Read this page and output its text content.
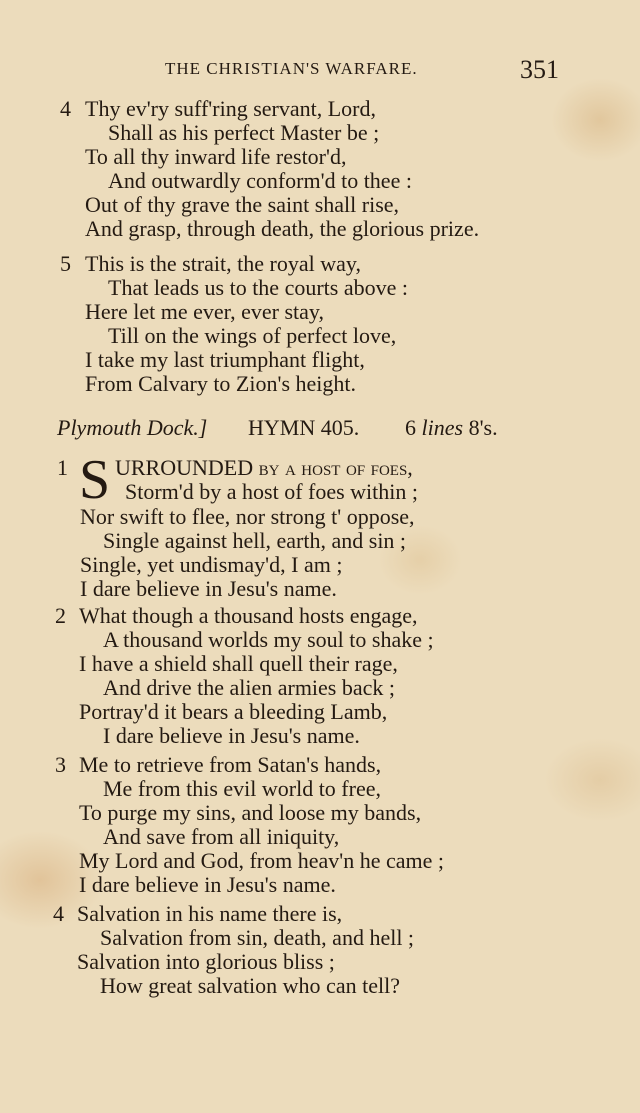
THE CHRISTIAN'S WARFARE.	351
4 Thy ev'ry suff'ring servant, Lord,
Shall as his perfect Master be ;
To all thy inward life restor'd,
And outwardly conform'd to thee :
Out of thy grave the saint shall rise,
And grasp, through death, the glorious prize.
5 This is the strait, the royal way,
That leads us to the courts above :
Here let me ever, ever stay,
Till on the wings of perfect love,
I take my last triumphant flight,
From Calvary to Zion's height.
Plymouth Dock.] HYMN 405. 6 lines 8's.
1 S URROUNDED by a host of foes,
Storm'd by a host of foes within ;
Nor swift to flee, nor strong t' oppose,
Single against hell, earth, and sin ;
Single, yet undismay'd, I am ;
I dare believe in Jesu's name.
2 What though a thousand hosts engage,
A thousand worlds my soul to shake ;
I have a shield shall quell their rage,
And drive the alien armies back ;
Portray'd it bears a bleeding Lamb,
I dare believe in Jesu's name.
3 Me to retrieve from Satan's hands,
Me from this evil world to free,
To purge my sins, and loose my bands,
And save from all iniquity,
My Lord and God, from heav'n he came ;
I dare believe in Jesu's name.
4 Salvation in his name there is,
Salvation from sin, death, and hell ;
Salvation into glorious bliss ;
How great salvation who can tell?
